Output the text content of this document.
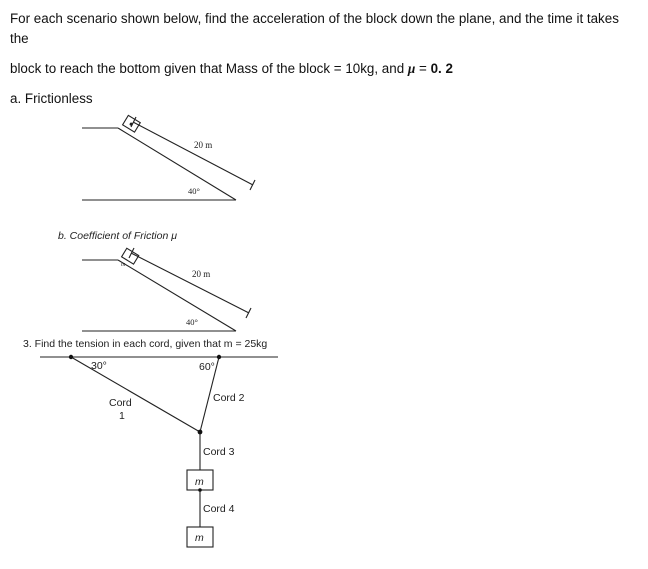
For each scenario shown below, find the acceleration of the block down the plane, and the time it takes
the
block to reach the bottom given that Mass of the block = 10kg, and μ = 0. 2
a. Frictionless
20 m
40°
b. Coefficient of Friction μ
m
20 m
40°
3. Find the tension in each cord, given that m = 25kg
30°	60°
Cord
1
Cord 2
Cord 3
m
Cord 4
m
